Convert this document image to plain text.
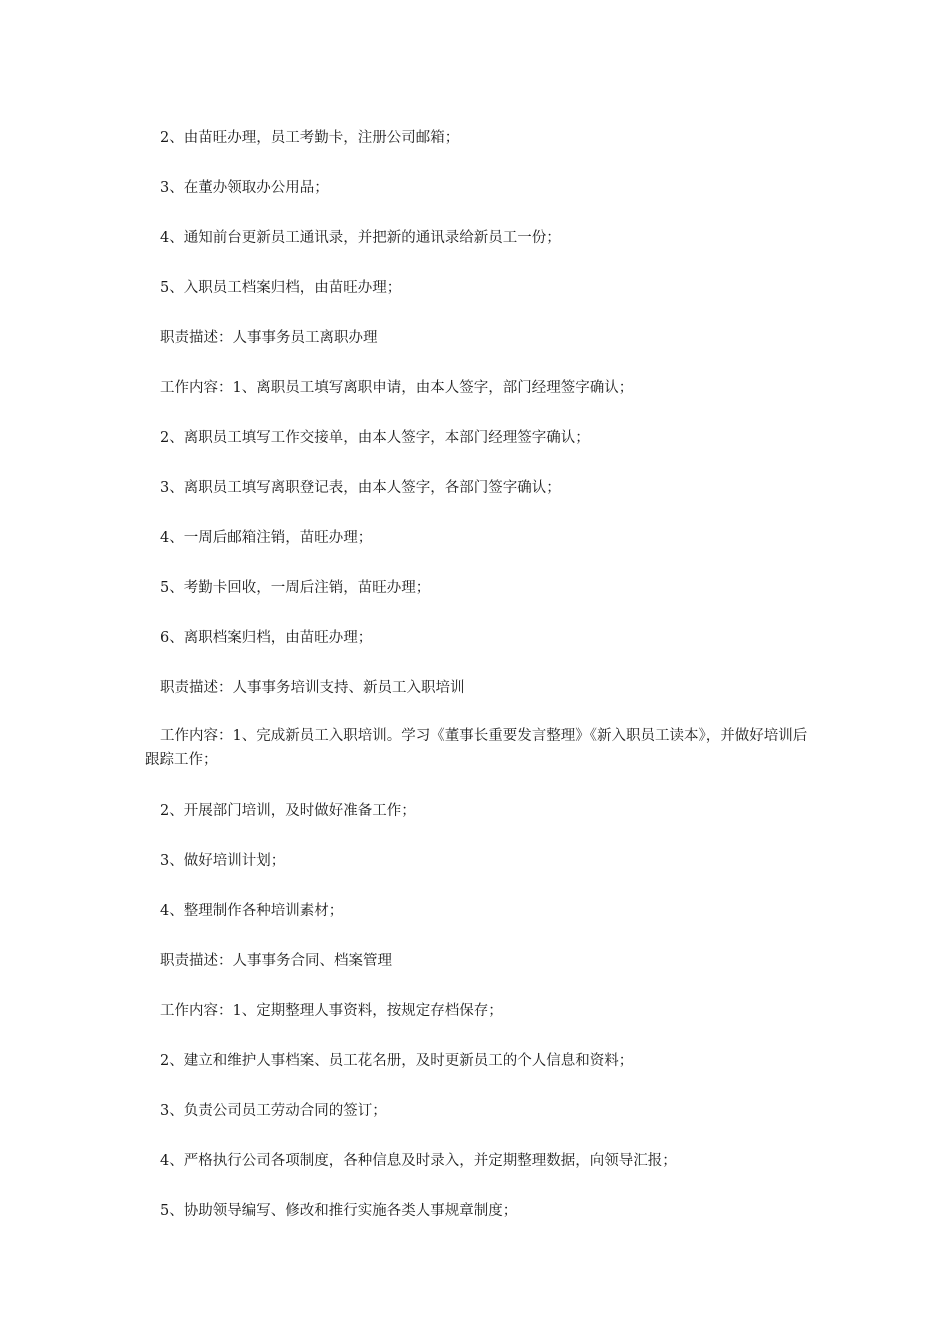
2、由苗旺办理，员工考勤卡，注册公司邮箱；

3、在董办领取办公用品；

4、通知前台更新员工通讯录，并把新的通讯录给新员工一份；

5、入职员工档案归档，由苗旺办理；

职责描述：人事事务员工离职办理

工作内容：1、离职员工填写离职申请，由本人签字，部门经理签字确认；

2、离职员工填写工作交接单，由本人签字，本部门经理签字确认；

3、离职员工填写离职登记表，由本人签字，各部门签字确认；

4、一周后邮箱注销，苗旺办理；

5、考勤卡回收，一周后注销，苗旺办理；

6、离职档案归档，由苗旺办理；

职责描述：人事事务培训支持、新员工入职培训

工作内容：1、完成新员工入职培训。学习《董事长重要发言整理》《新入职员工读本》，并做好培训后跟踪工作；

2、开展部门培训，及时做好准备工作；

3、做好培训计划；

4、整理制作各种培训素材；

职责描述：人事事务合同、档案管理

工作内容：1、定期整理人事资料，按规定存档保存；

2、建立和维护人事档案、员工花名册，及时更新员工的个人信息和资料；

3、负责公司员工劳动合同的签订；

4、严格执行公司各项制度，各种信息及时录入，并定期整理数据，向领导汇报；

5、协助领导编写、修改和推行实施各类人事规章制度；
